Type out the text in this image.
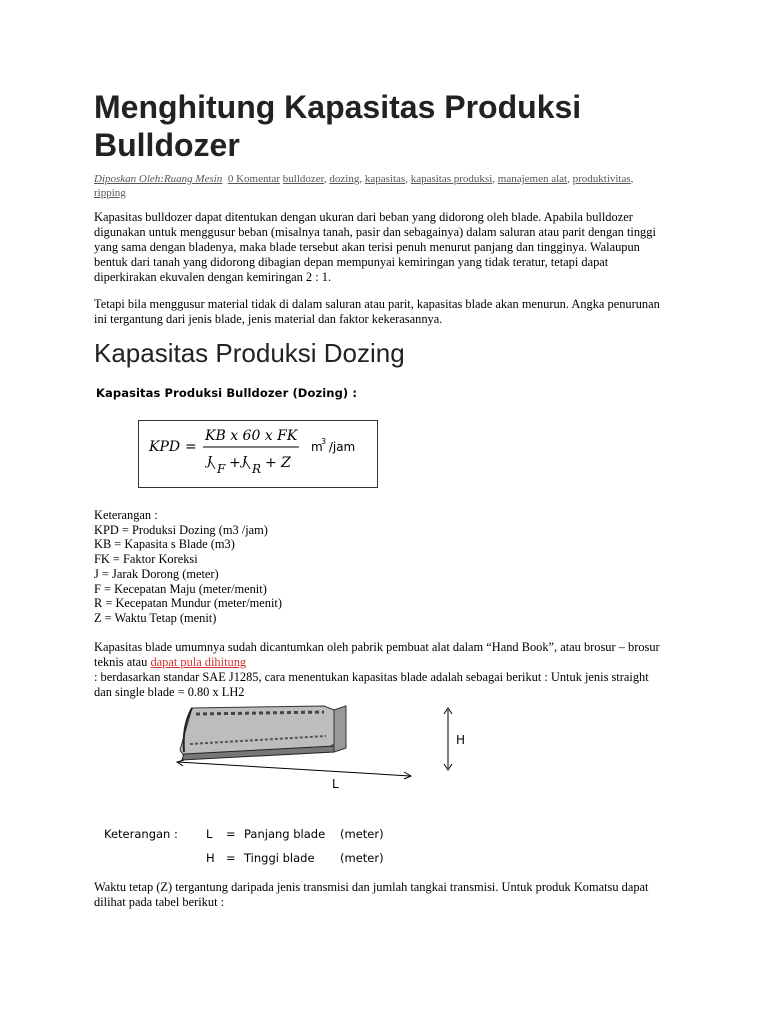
Menghitung Kapasitas Produksi Bulldozer
Diposkan Oleh:Ruang Mesin 0 Komentar bulldozer, dozing, kapasitas, kapasitas produksi, manajemen alat, produktivitas, ripping

Kapasitas bulldozer dapat ditentukan dengan ukuran dari beban yang didorong oleh blade. Apabila bulldozer digunakan untuk menggusur beban (misalnya tanah, pasir dan sebagainya) dalam saluran atau parit dengan tinggi yang sama dengan bladenya, maka blade tersebut akan terisi penuh menurut panjang dan tingginya. Walaupun bentuk dari tanah yang didorong dibagian depan mempunyai kemiringan yang tidak teratur, tetapi dapat diperkirakan ekuvalen dengan kemiringan 2 : 1.

Tetapi bila menggusur material tidak di dalam saluran atau parit, kapasitas blade akan menurun. Angka penurunan ini tergantung dari jenis blade, jenis material dan faktor kekerasannya.

Kapasitas Produksi Dozing
Kapasitas Produksi Bulldozer (Dozing) :
KPD =
KB x 60 x FK
J
F + J
R + Z
m
3
/jam
Keterangan :
KPD = Produksi Dozing (m3 /jam)
KB = Kapasita s Blade (m3)
FK = Faktor Koreksi
J = Jarak Dorong (meter)
F = Kecepatan Maju (meter/menit)
R = Kecepatan Mundur (meter/menit)
Z = Waktu Tetap (menit)

Kapasitas blade umumnya sudah dicantumkan oleh pabrik pembuat alat dalam “Hand Book”, atau brosur – brosur teknis atau dapat pula dihitung
: berdasarkan standar SAE J1285, cara menentukan kapasitas blade adalah sebagai berikut : Untuk jenis straight dan single blade = 0.80 x LH2

H
L
Keterangan :	L	= Panjang blade	(meter)
H = Tinggi blade	(meter)

Waktu tetap (Z) tergantung daripada jenis transmisi dan jumlah tangkai transmisi. Untuk produk Komatsu dapat dilihat pada tabel berikut :
